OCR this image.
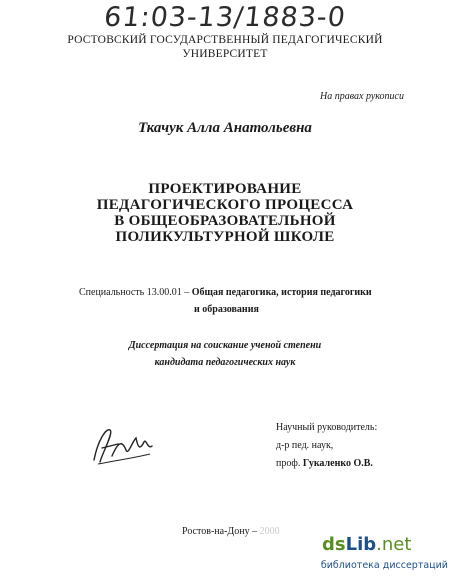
61:03-13/1883-0
РОСТОВСКИЙ ГОСУДАРСТВЕННЫЙ ПЕДАГОГИЧЕСКИЙ
УНИВЕРСИТЕТ
На правах рукописи
Ткачук Алла Анатольевна
ПРОЕКТИРОВАНИЕ
ПЕДАГОГИЧЕСКОГО ПРОЦЕССА
В ОБЩЕОБРАЗОВАТЕЛЬНОЙ
ПОЛИКУЛЬТУРНОЙ ШКОЛЕ
Специальность 13.00.01 – Общая педагогика, история педагогики
и образования
Диссертация на соискание ученой степени
кандидата педагогических наук
Научный руководитель:
д-р пед. наук,
проф. Гукаленко О.В.
Ростов-на-Дону – 2000
dsLib.net
библиотека диссертаций
